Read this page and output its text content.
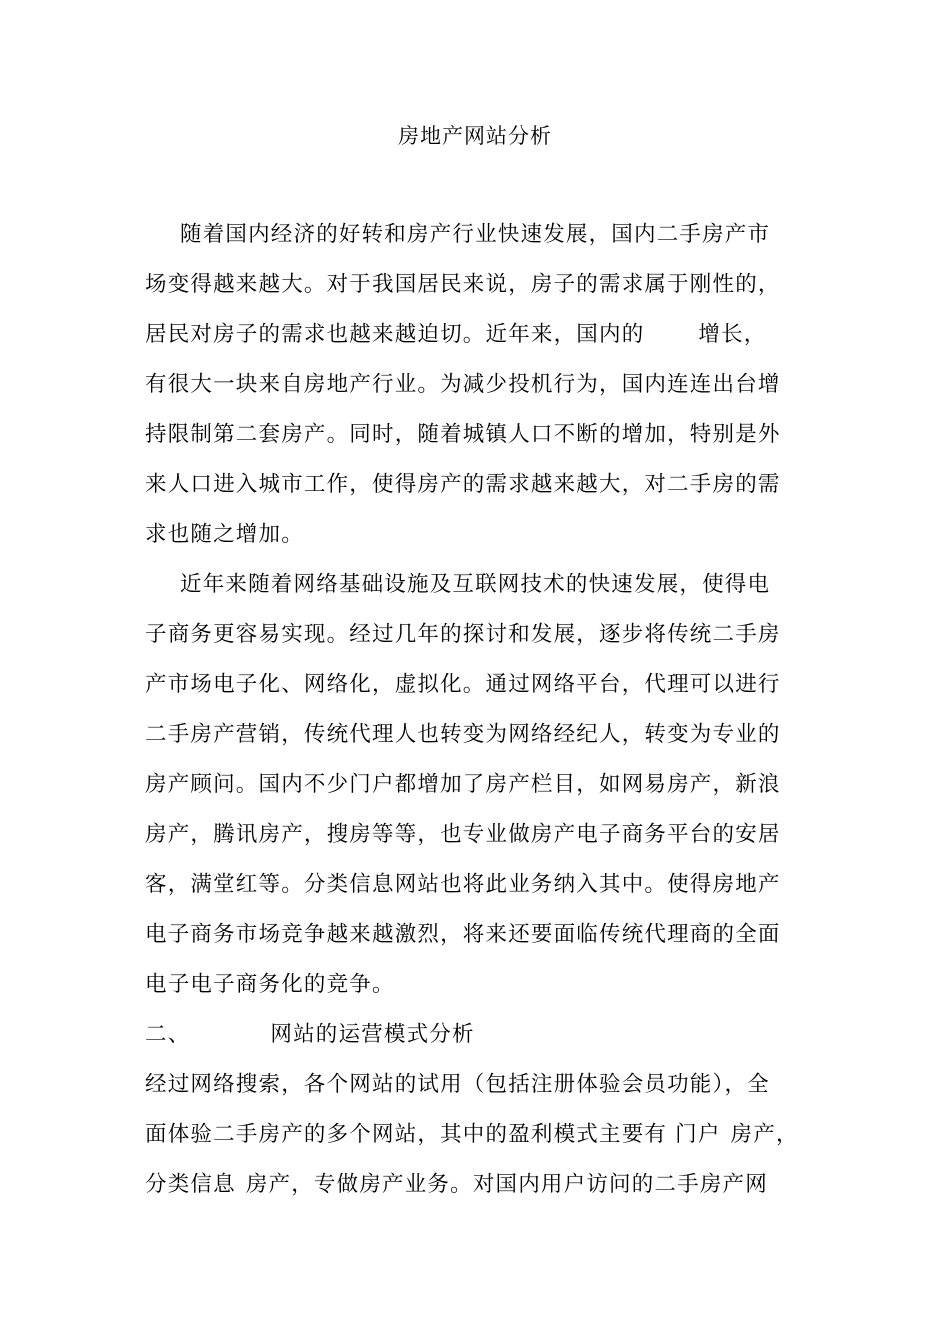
房地产网站分析
随着国内经济的好转和房产行业快速发展，国内二手房产市
场变得越来越大。对于我国居民来说，房子的需求属于刚性的，
居民对房子的需求也越来越迫切。近年来，国内的	增长，
有很大一块来自房地产行业。为减少投机行为，国内连连出台增
持限制第二套房产。同时，随着城镇人口不断的增加，特别是外
来人口进入城市工作，使得房产的需求越来越大，对二手房的需
求也随之增加。
近年来随着网络基础设施及互联网技术的快速发展，使得电
子商务更容易实现。经过几年的探讨和发展，逐步将传统二手房
产市场电子化、网络化，虚拟化。通过网络平台，代理可以进行
二手房产营销，传统代理人也转变为网络经纪人，转变为专业的
房产顾问。国内不少门户都增加了房产栏目，如网易房产，新浪
房产，腾讯房产，搜房等等，也专业做房产电子商务平台的安居
客，满堂红等。分类信息网站也将此业务纳入其中。使得房地产
电子商务市场竞争越来越激烈，将来还要面临传统代理商的全面
电子电子商务化的竞争。
二、	网站的运营模式分析
经过网络搜索，各个网站的试用（包括注册体验会员功能），全
面体验二手房产的多个网站，其中的盈利模式主要有 门户 房产，
分类信息 房产，专做房产业务。对国内用户访问的二手房产网
